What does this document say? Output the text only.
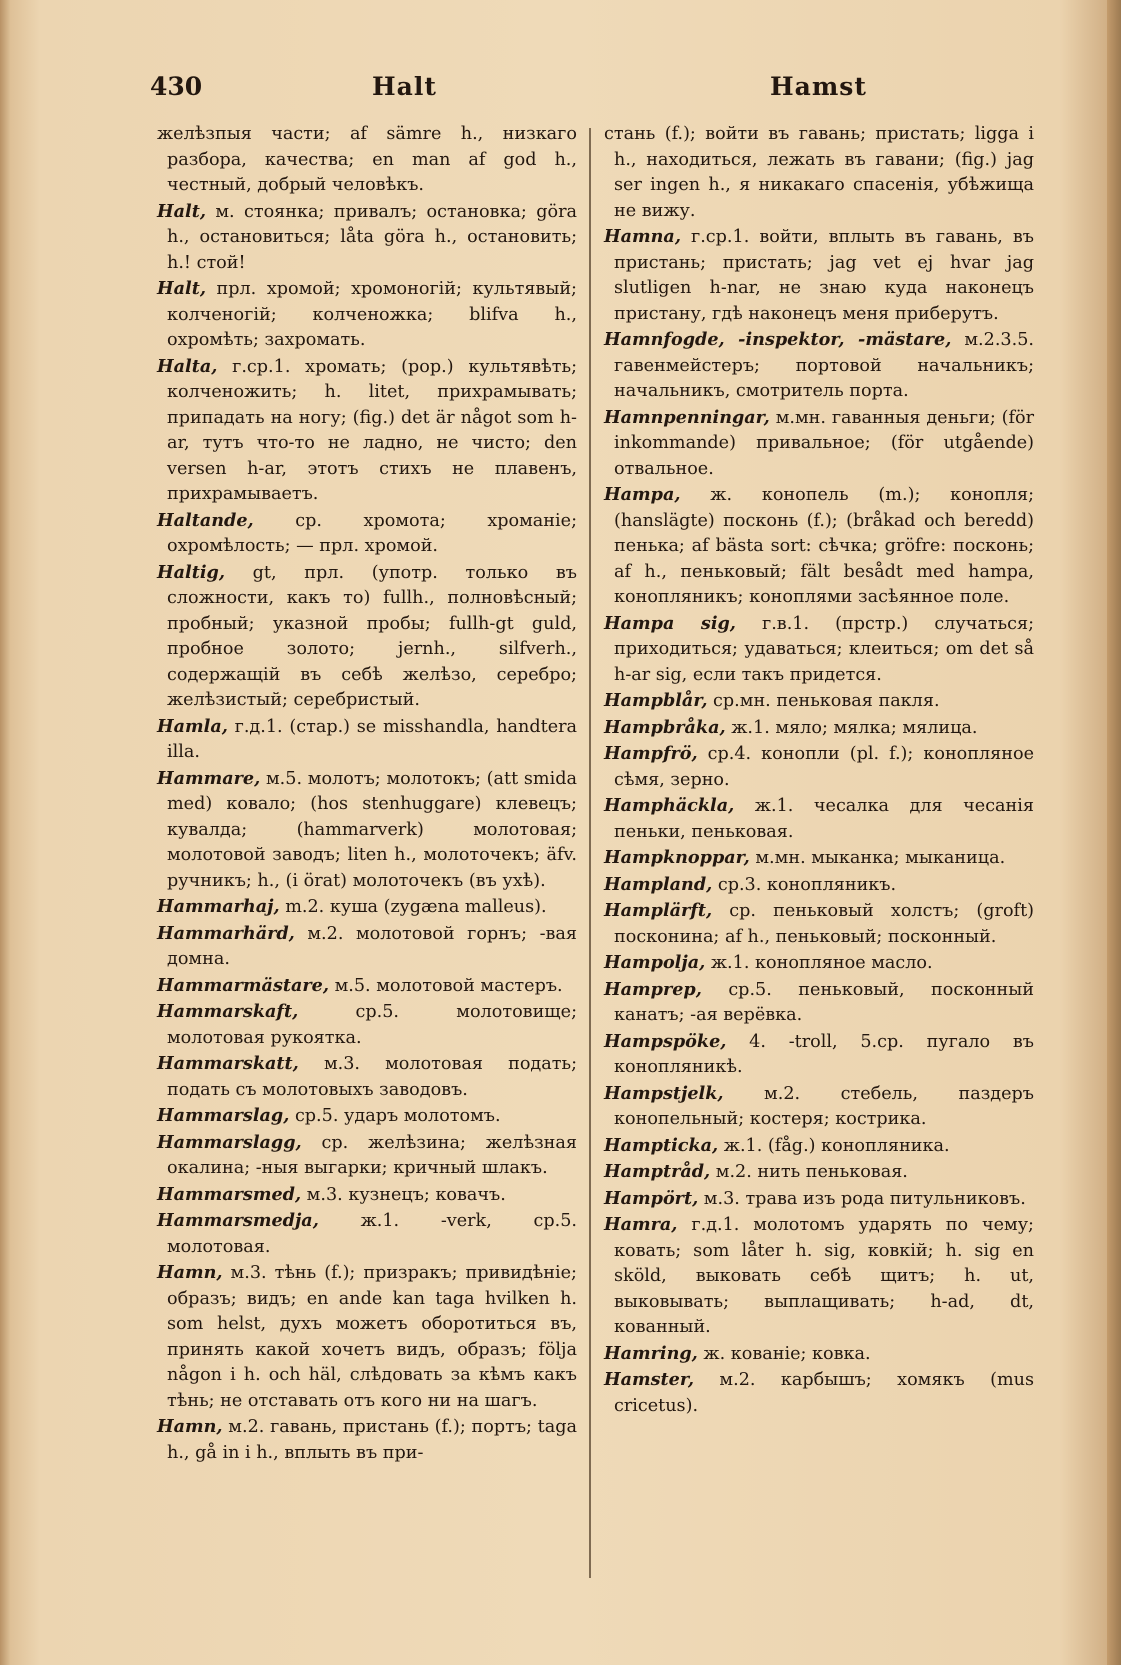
430	Halt	Hamst
желѣзпыя части; af sämre h., низкаго разбора, качества; en man af god h., честный, добрый человѣкъ.
Halt, м. стоянка; привалъ; остановка; göra h., остановиться; låta göra h., остановить; h.! стой!
Halt, прл. хромой; хромоногій; культявый; колченогій; колченожка; blifva h., охромѣть; захромать.
Halta, г.ср.1. хромать; (pop.) культявѣть; колченожить; h. litet, прихрамывать; припадать на ногу; (fig.) det är något som h-ar, тутъ что-то не ладно, не чисто; den versen h-ar, этотъ стихъ не плавенъ, прихрамываетъ.
Haltande, ср. хромота; хроманіе; охромѣлость; — прл. хромой.
Haltig, gt, прл. (употр. только въ сложности, какъ то) fullh., полновѣсный; пробный; указной пробы; fullh-gt guld, пробное золото; jernh., silfverh., содержащій въ себѣ желѣзо, серебро; желѣзистый; серебристый.
Hamla, г.д.1. (стар.) se misshandla, handtera illa.
Hammare, м.5. молотъ; молотокъ; (att smida med) ковало; (hos stenhuggare) клевецъ; кувалда; (hammarverk) молотовая; молотовой заводъ; liten h., молоточекъ; äfv. ручникъ; h., (i örat) молоточекъ (въ ухѣ).
Hammarhaj, m.2. куша (zygæna malleus).
Hammarhärd, м.2. молотовой горнъ; -вая домна.
Hammarmästare, м.5. молотовой мастеръ.
Hammarskaft,	ср.5. молотовище; молотовая рукоятка.
Hammarskatt, м.3. молотовая подать; подать съ молотовыхъ заводовъ.
Hammarslag, ср.5. ударъ молотомъ.
Hammarslagg, ср. желѣзина; желѣзная окалина; -ныя выгарки; кричный шлакъ.
Hammarsmed, м.3. кузнецъ; ковачъ.
Hammarsmedja, ж.1. -verk, ср.5. молотовая.
Hamn, м.3. тѣнь (f.); призракъ; привидѣніе; образъ; видъ; en ande kan taga hvilken h. som helst, духъ можетъ обоpотиться въ, принять какой хочетъ видъ, образъ; följa någon i h. och häl, слѣдовать за кѣмъ какъ тѣнь; не отставать отъ кого ни на шагъ.
Hamn, м.2. гавань, пристань (f.); портъ; taga h., gå in i h., вплыть въ при-
стань (f.); войти въ гавань; пристать; ligga i h., находиться, лежать въ гавани; (fig.) jag ser ingen h., я никакаго спасенія, убѣжища не вижу.
Hamna, г.ср.1. войти, вплыть въ гавань, въ пристань; пристать; jag vet ej hvar jag slutligen h-nar, не знаю куда наконецъ пристану, гдѣ наконецъ меня приберутъ.
Hamnfogde, -inspektor, -mästare, м.2.3.5. гавенмейстеръ; портовой начальникъ; начальникъ, смотритель порта.
Hamnpenningar, м.мн. гаванныя деньги; (för inkommande) привальное; (för utgående) отвальное.
Hampa, ж. конопель (m.); конопля; (hanslägte) посконь (f.); (bråkad och beredd) пенька; af bästa sort: сѣчка; gröfre: посконь; af h., пеньковый; fält besådt med hampa, конопляникъ; коноплями засѣянное поле.
Hampa sig, г.в.1. (прстр.) случаться; приходиться; удаваться; клеиться; om det så h-ar sig, если такъ придется.
Hampblår, ср.мн. пеньковая пакля.
Hampbråka, ж.1. мяло; мялка; мялица.
Hampfrö, ср.4. конопли (pl. f.); конопляное сѣмя, зерно.
Hamphäckla, ж.1. чесалка для чесанія пеньки, пеньковая.
Hampknoppar, м.мн. мыканка; мыканица.
Hampland, ср.3. конопляникъ.
Hamplärft, ср. пеньковый холстъ; (groft) посконина; af h., пеньковый; посконный.
Hampolja, ж.1. конопляное масло.
Hamprep, ср.5. пеньковый, посконный канатъ; -ая верёвка.
Hampspöke, 4. -troll, 5.ср. пугало въ конопляникѣ.
Hampstjelk, м.2. стебель, паздеръ конопельный; костеря; кострика.
Hampticka, ж.1. (fåg.) конопляника.
Hamptråd, м.2. нить пеньковая.
Hampört, м.3. трава изъ рода питульниковъ.
Hamra, г.д.1. молотомъ ударять по чему; ковать; som låter h. sig, ковкій; h. sig en sköld, выковать себѣ щитъ; h. ut, выковывать; выплащивать; h-ad, dt, кованный.
Hamring, ж. кованіе; ковка.
Hamster, м.2. карбышъ; хомякъ (mus cricetus).
